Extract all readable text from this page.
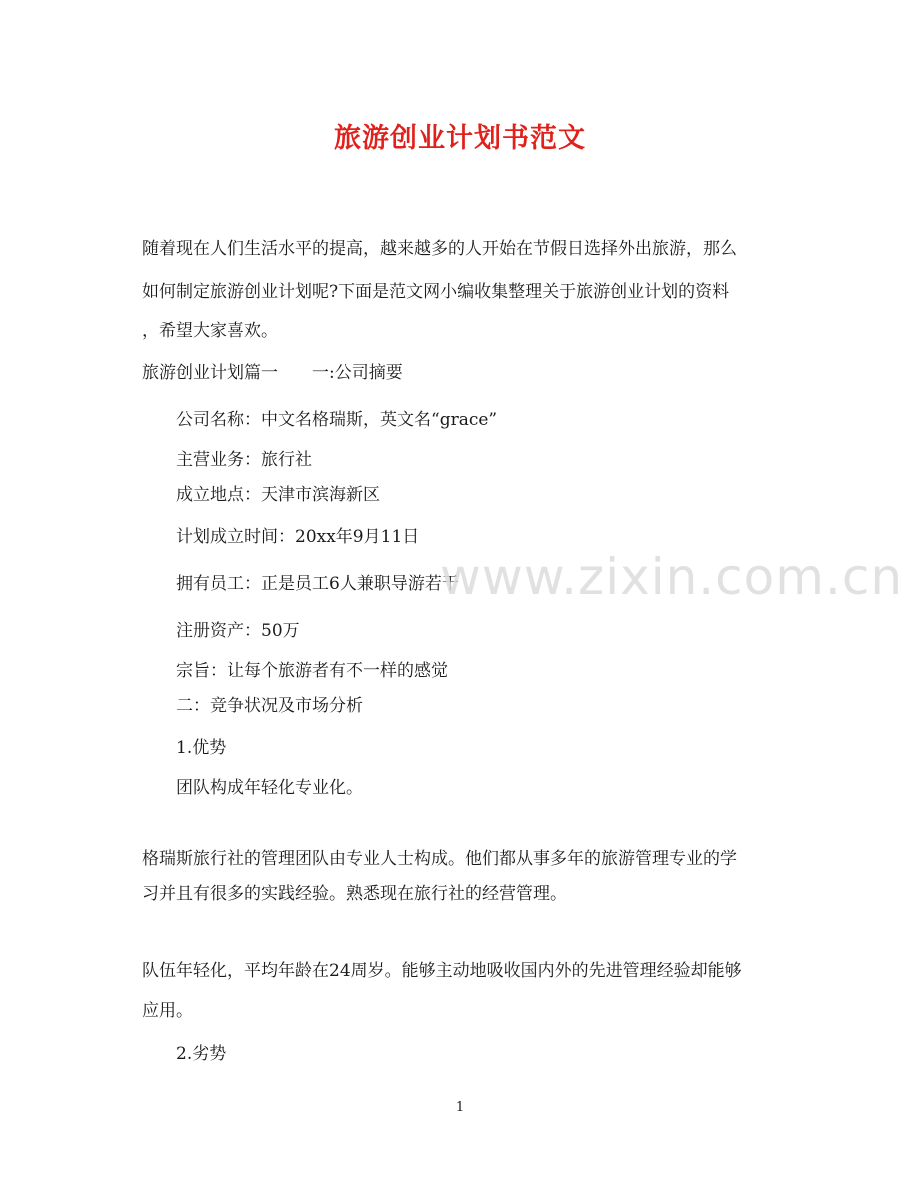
旅游创业计划书范文
随着现在人们生活水平的提高，越来越多的人开始在节假日选择外出旅游，那么
如何制定旅游创业计划呢?下面是范文网小编收集整理关于旅游创业计划的资料
，希望大家喜欢。
旅游创业计划篇一　　一:公司摘要
公司名称：中文名格瑞斯，英文名“grace”
主营业务：旅行社
成立地点：天津市滨海新区
计划成立时间：20xx年9月11日
拥有员工：正是员工6人兼职导游若干
注册资产：50万
宗旨：让每个旅游者有不一样的感觉
二：竞争状况及市场分析
1.优势
团队构成年轻化专业化。
格瑞斯旅行社的管理团队由专业人士构成。他们都从事多年的旅游管理专业的学
习并且有很多的实践经验。熟悉现在旅行社的经营管理。
队伍年轻化，平均年龄在24周岁。能够主动地吸收国内外的先进管理经验却能够
应用。
2.劣势
www.zixin.com.cn
1
